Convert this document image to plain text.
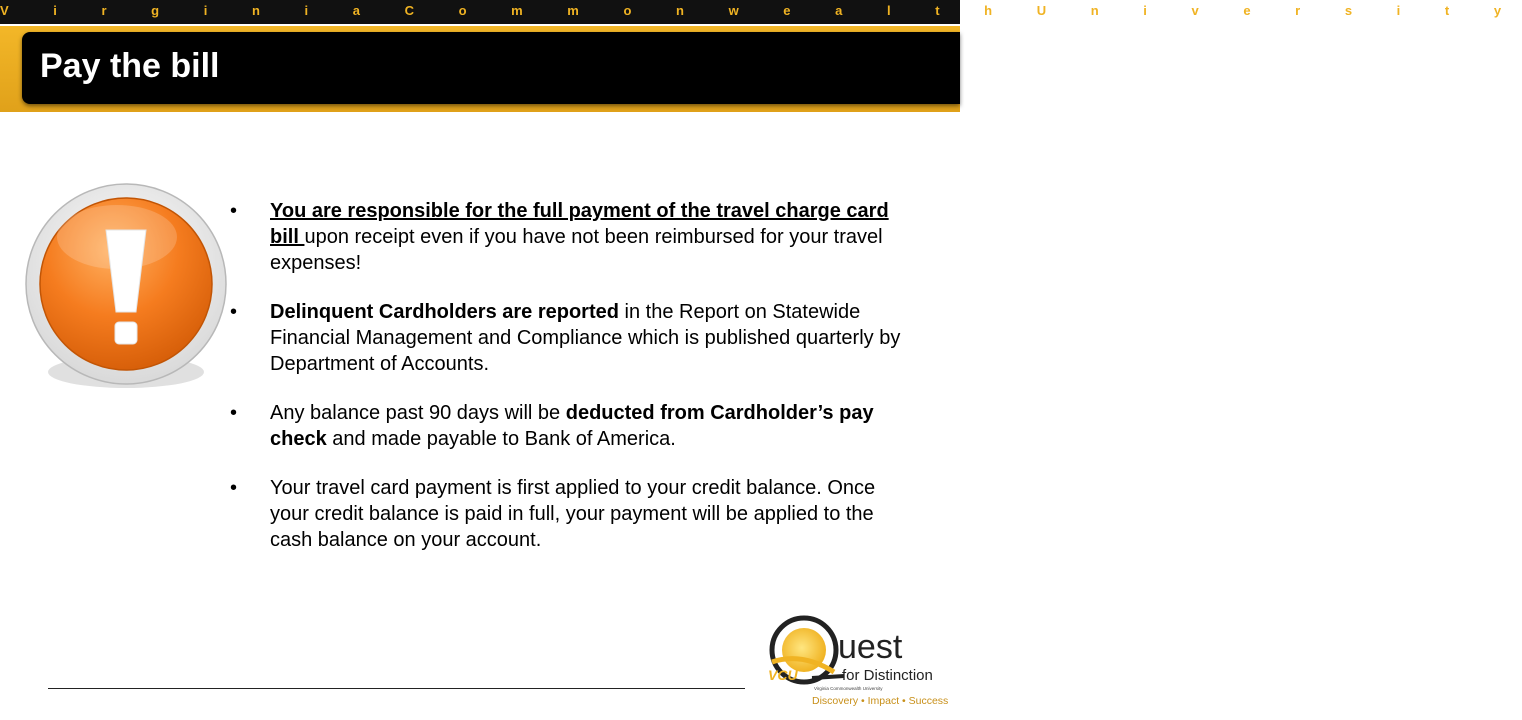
V i r g i n i a C o m m o n w e a l t h U n i v e r s i t y
Pay the bill
• You are responsible for the full payment of the travel charge card bill upon receipt even if you have not been reimbursed for your travel expenses!
• Delinquent Cardholders are reported in the Report on Statewide Financial Management and Compliance which is published quarterly by Department of Accounts.
• Any balance past 90 days will be deducted from Cardholder’s pay check and made payable to Bank of America.
• Your travel card payment is first applied to your credit balance. Once your credit balance is paid in full, your payment will be applied to the cash balance on your account.
VCU
uest
for Distinction
Virginia Commonwealth University
Discovery • Impact • Success
